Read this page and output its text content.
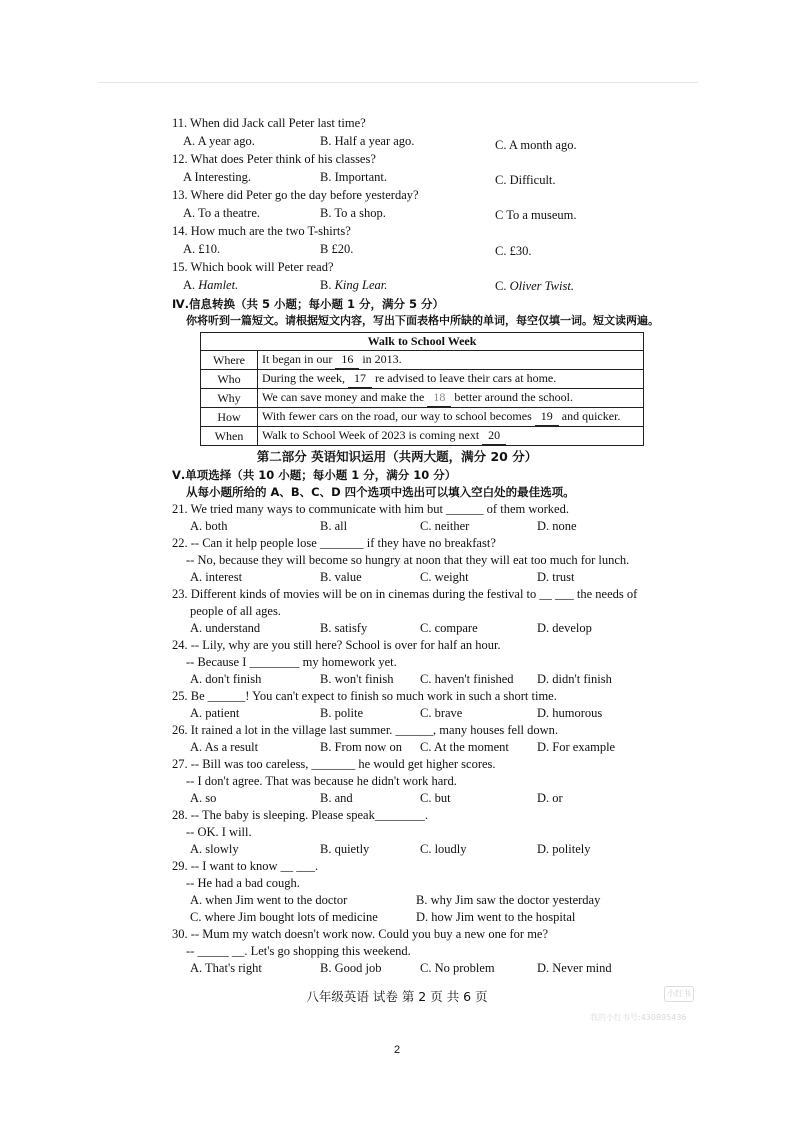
11. When did Jack call Peter last time?
A. A year ago.	B. Half a year ago.	C. A month ago.
12. What does Peter think of his classes?
A Interesting.	B. Important.	C. Difficult.
13. Where did Peter go the day before yesterday?
A. To a theatre.	B. To a shop.	C To a museum.
14. How much are the two T-shirts?
A. £10.	B £20.	C. £30.
15. Which book will Peter read?
A. Hamlet.	B. King Lear.	C. Oliver Twist.
Ⅳ.信息转换（共 5 小题；每小题 1 分，满分 5 分）
你将听到一篇短文。请根据短文内容，写出下面表格中所缺的单词，每空仅填一词。短文读两遍。
Walk to School Week	
Where	It began in our 16 in 2013.
Who	During the week, 17 re advised to leave their cars at home.
Why	We can save money and make the 18 better around the school.
How	With fewer cars on the road, our way to school becomes 19 and quicker.
When	Walk to School Week of 2023 is coming next 20
第二部分 英语知识运用（共两大题，满分 20 分）
Ⅴ.单项选择（共 10 小题；每小题 1 分，满分 10 分）
从每小题所给的 A、B、C、D 四个选项中选出可以填入空白处的最佳选项。
八年级英语 试卷 第 2 页 共 6 页
2
小红书
我的小红书号:430895436
21. We tried many ways to communicate with him but ______ of them worked.
A. both	B. all	C. neither	D. none
22. -- Can it help people lose _______ if they have no breakfast?
-- No, because they will become so hungry at noon that they will eat too much for lunch.
A. interest	B. value	C. weight	D. trust
23. Different kinds of movies will be on in cinemas during the festival to __ ___ the needs of
people of all ages.
A. understand	B. satisfy	C. compare	D. develop
24. -- Lily, why are you still here? School is over for half an hour.
-- Because I ________ my homework yet.
A. don't finish	B. won't finish C. haven't finished D. didn't finish
25. Be ______! You can't expect to finish so much work in such a short time.
A. patient	B. polite	C. brave	D. humorous
26. It rained a lot in the village last summer. ______, many houses fell down.
A. As a result	B. From now on C. At the moment D. For example
27. -- Bill was too careless, _______ he would get higher scores.
-- I don't agree. That was because he didn't work hard.
A. so	B. and	C. but	D. or
28. -- The baby is sleeping. Please speak________.
-- OK. I will.
A. slowly	B. quietly	C. loudly	D. politely
29. -- I want to know __ ___.
-- He had a bad cough.
A. when Jim went to the doctor	B. why Jim saw the doctor yesterday
C. where Jim bought lots of medicine	D. how Jim went to the hospital
30. -- Mum my watch doesn't work now. Could you buy a new one for me?
-- _____ __. Let's go shopping this weekend.
A. That's right	B. Good job	C. No problem	D. Never mind
